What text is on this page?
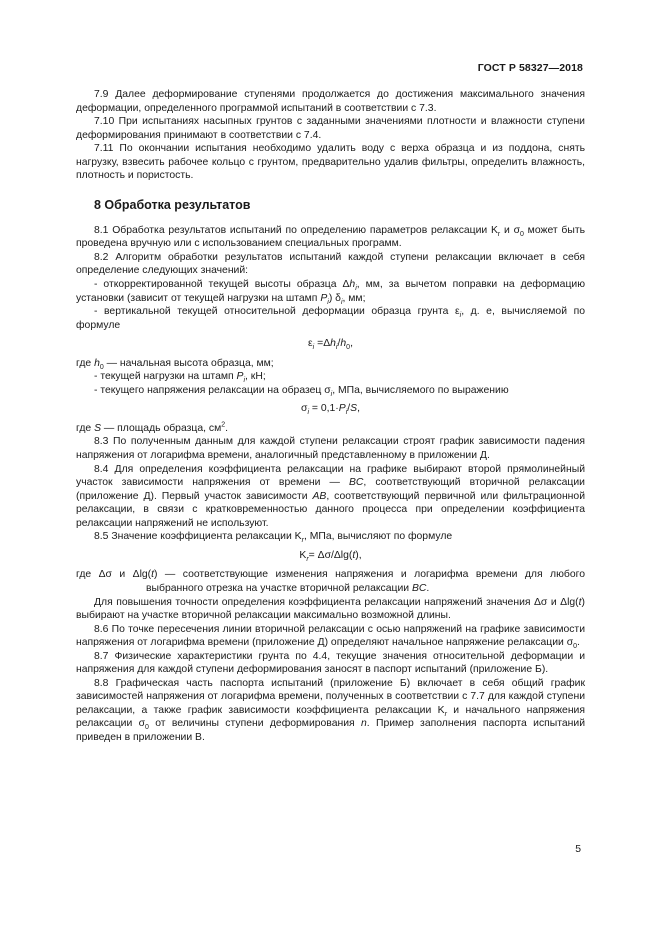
ГОСТ Р 58327—2018

7.9 Далее деформирование ступенями продолжается до достижения максимального значения деформации, определенного программой испытаний в соответствии с 7.3.

7.10 При испытаниях насыпных грунтов с заданными значениями плотности и влажности ступени деформирования принимают в соответствии с 7.4.

7.11 По окончании испытания необходимо удалить воду с верха образца и из поддона, снять нагрузку, взвесить рабочее кольцо с грунтом, предварительно удалив фильтры, определить влажность, плотность и пористость.

8 Обработка результатов

8.1 Обработка результатов испытаний по определению параметров релаксации $K_r$ и $\sigma_0$ может быть проведена вручную или с использованием специальных программ.

8.2 Алгоритм обработки результатов испытаний каждой ступени релаксации включает в себя определение следующих значений:

- откорректированной текущей высоты образца $\Delta h_i$, мм, за вычетом поправки на деформацию установки (зависит от текущей нагрузки на штамп $P_i$) $\delta_i$, мм;

- вертикальной текущей относительной деформации образца грунта $\varepsilon_i$, д. е, вычисляемой по формуле

$\varepsilon_i =\Delta h_i/h_0$,

где $h_0$ — начальная высота образца, мм;

- текущей нагрузки на штамп $P_i$, кН;

- текущего напряжения релаксации на образец $\sigma_i$, МПа, вычисляемого по выражению

$\sigma_i = 0,1\cdot P_i/S$,

где S — площадь образца, $см^2$.

8.3 По полученным данным для каждой ступени релаксации строят график зависимости падения напряжения от логарифма времени, аналогичный представленному в приложении Д.

8.4 Для определения коэффициента релаксации на графике выбирают второй прямолинейный участок зависимости напряжения от времени — BC, соответствующий вторичной релаксации (приложение Д). Первый участок зависимости AB, соответствующий первичной или фильтрационной релаксации, в связи с кратковременностью данного процесса при определении коэффициента релаксации напряжений не используют.

8.5 Значение коэффициента релаксации $K_r$, МПа, вычисляют по формуле

$K_r= \Delta\sigma/\Delta\lg(t)$,

где Δσ и Δlg(t) — соответствующие изменения напряжения и логарифма времени для любого выбранного отрезка на участке вторичной релаксации BC.

Для повышения точности определения коэффициента релаксации напряжений значения Δσ и Δlg(t) выбирают на участке вторичной релаксации максимально возможной длины.

8.6 По точке пересечения линии вторичной релаксации с осью напряжений на графике зависимости напряжения от логарифма времени (приложение Д) определяют начальное напряжение релаксации $\sigma_0$.

8.7 Физические характеристики грунта по 4.4, текущие значения относительной деформации и напряжения для каждой ступени деформирования заносят в паспорт испытаний (приложение Б).

8.8 Графическая часть паспорта испытаний (приложение Б) включает в себя общий график зависимостей напряжения от логарифма времени, полученных в соответствии с 7.7 для каждой ступени релаксации, а также график зависимости коэффициента релаксации $K_r$ и начального напряжения релаксации $\sigma_0$ от величины ступени деформирования n. Пример заполнения паспорта испытаний приведен в приложении В.

5
